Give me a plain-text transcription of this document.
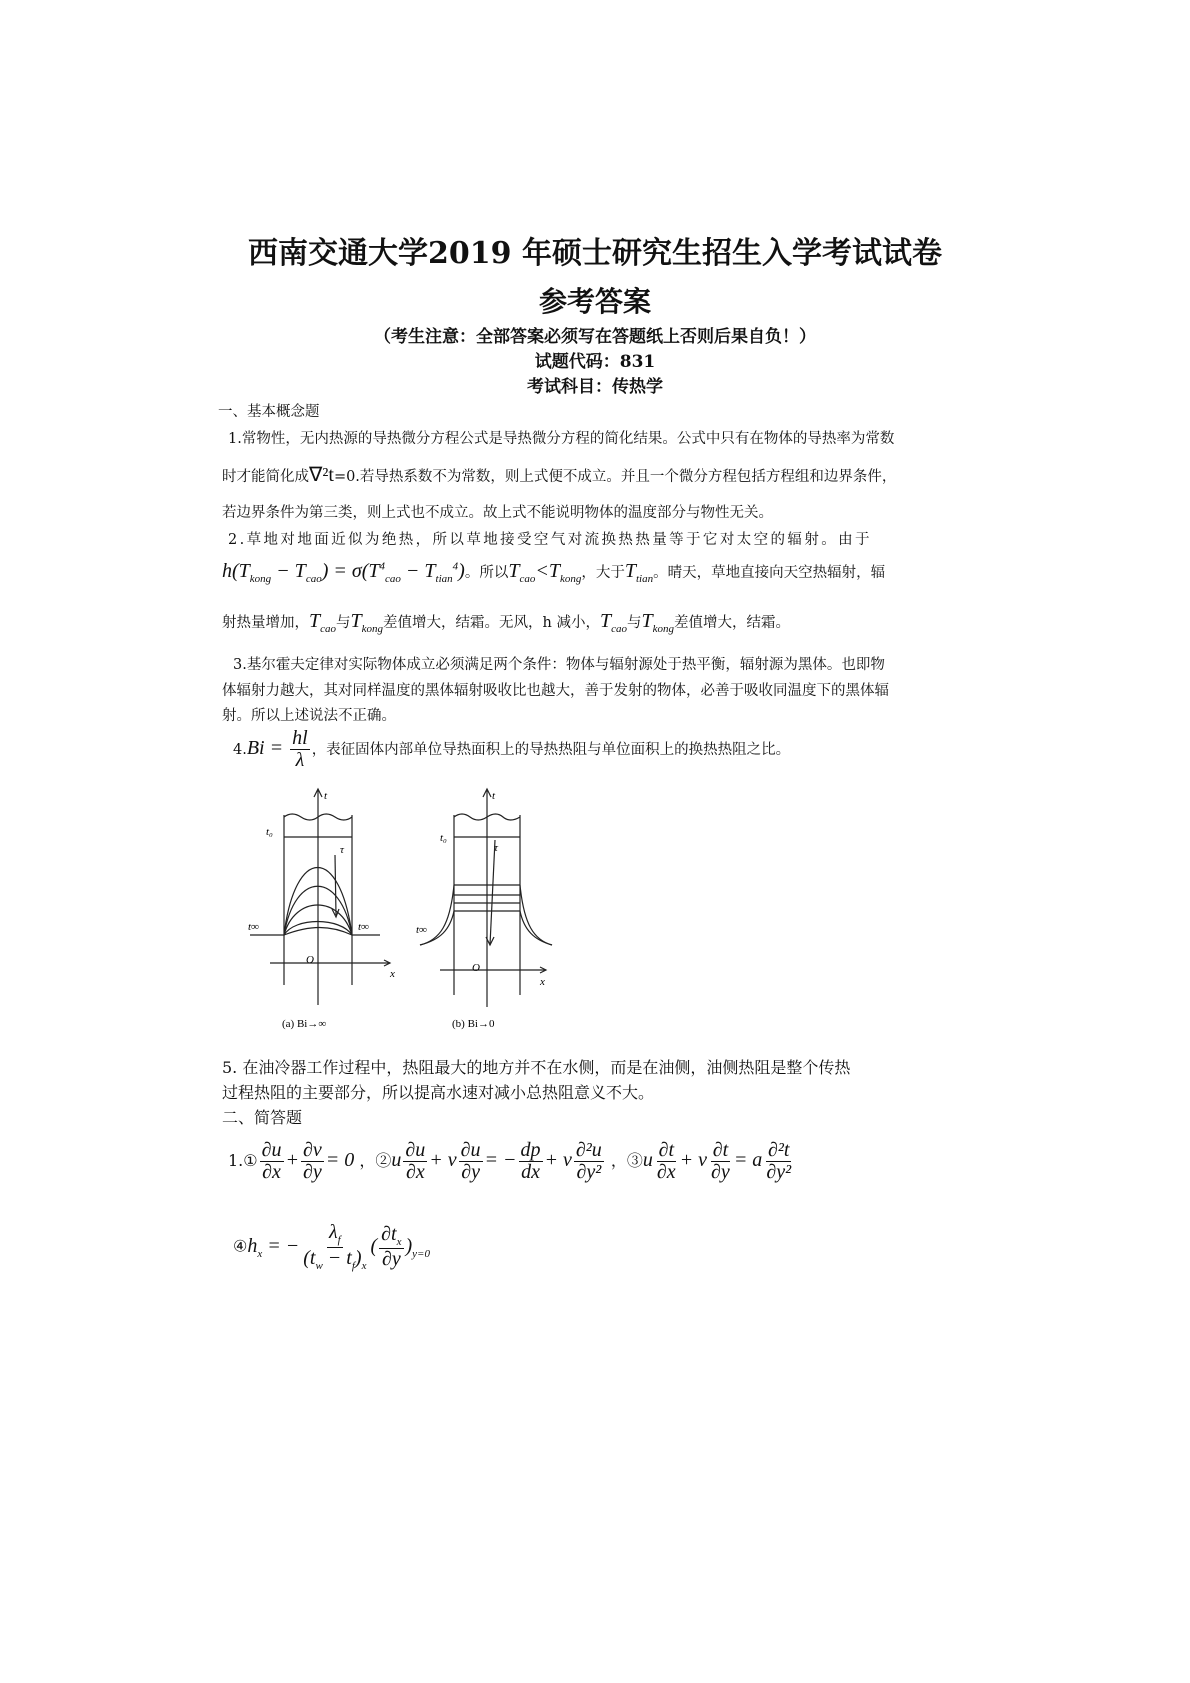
西南交通大学2019 年硕士研究生招生入学考试试卷
参考答案
（考生注意：全部答案必须写在答题纸上否则后果自负！）
试题代码：831
考试科目：传热学
一、基本概念题
1.常物性，无内热源的导热微分方程公式是导热微分方程的简化结果。公式中只有在物体的导热率为常数
时才能简化成∇²t=0.若导热系数不为常数，则上式便不成立。并且一个微分方程包括方程组和边界条件，
若边界条件为第三类，则上式也不成立。故上式不能说明物体的温度部分与物性无关。
2.草地对地面近似为绝热，所以草地接受空气对流换热热量等于它对太空的辐射。由于
$h(T_{kong} - T_{cao}) = \sigma(T^4_{cao} - T_{tian}^4)$。所以$T_{cao}<T_{kong}$，大于$T_{tian}$。晴天，草地直接向天空热辐射，辐
射热量增加，$T_{cao}$与$T_{kong}$差值增大，结霜。无风，h 减小，$T_{cao}$与$T_{kong}$差值增大，结霜。
3.基尔霍夫定律对实际物体成立必须满足两个条件：物体与辐射源处于热平衡，辐射源为黑体。也即物
体辐射力越大，其对同样温度的黑体辐射吸收比也越大，善于发射的物体，必善于吸收同温度下的黑体辐
射。所以上述说法不正确。
$4.Bi = \frac{hl}{\lambda}$ ，表征固体内部单位导热面积上的导热热阻与单位面积上的换热热阻之比。
t
t₀
t∞	t∞
O
x
τ
t
t₀
t∞
O
x
τ
(a) Bi→∞	(b) Bi→0
5. 在油冷器工作过程中，热阻最大的地方并不在水侧，而是在油侧，油侧热阻是整个传热
过程热阻的主要部分，所以提高水速对减小总热阻意义不大。
二、简答题
1.① $\frac{\partial u}{\partial x} + \frac{\partial v}{\partial y} = 0$ ，②u $\frac{\partial u}{\partial x} + v \frac{\partial u}{\partial y}$ = − $\frac{dp}{dx} + \nu \frac{\text{∂²u}}{\text{∂y²}}$ ，③u $\frac{\partial t}{\partial x} + v \frac{\partial t}{\partial y} = a \frac{\text{∂²t}}{\text{∂y²}}$
$④h_x$ = − $\frac{\lambda_f}{(t_w - t_f)_x}$ ( $\frac{\partial t_x}{\partial y} )_{y=0}$
